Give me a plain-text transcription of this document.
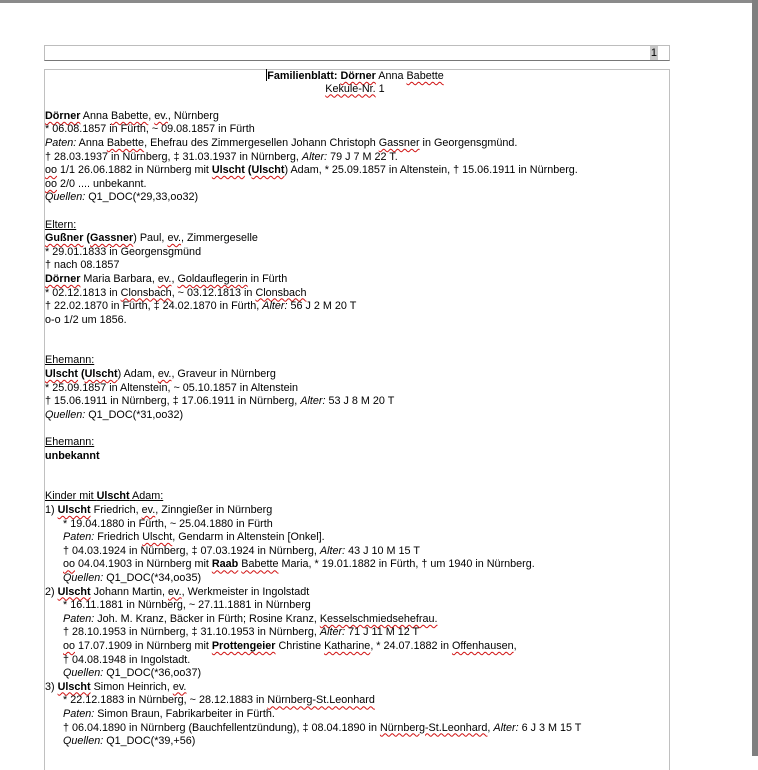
1
Familienblatt: Dörner Anna Babette
Kekule-Nr. 1
Dörner Anna Babette, ev., Nürnberg
* 06.08.1857 in Fürth, ~ 09.08.1857 in Fürth
Paten: Anna Babette, Ehefrau des Zimmergesellen Johann Christoph Gassner in Georgensgmünd.
† 28.03.1937 in Nürnberg, ‡ 31.03.1937 in Nürnberg, Alter: 79 J 7 M 22 T.
oo 1/1 26.06.1882 in Nürnberg mit Ulscht (Ulscht) Adam, * 25.09.1857 in Altenstein, † 15.06.1911 in Nürnberg.
oo 2/0 .... unbekannt.
Quellen: Q1_DOC(*29,33,oo32)
Eltern:
Gußner (Gassner) Paul, ev., Zimmergeselle
* 29.01.1833 in Georgensgmünd
† nach 08.1857
Dörner Maria Barbara, ev., Goldauflegerin in Fürth
* 02.12.1813 in Clonsbach, ~ 03.12.1813 in Clonsbach
† 22.02.1870 in Fürth, ‡ 24.02.1870 in Fürth, Alter: 56 J 2 M 20 T
o-o 1/2 um 1856.
Ehemann:
Ulscht (Ulscht) Adam, ev., Graveur in Nürnberg
* 25.09.1857 in Altenstein, ~ 05.10.1857 in Altenstein
† 15.06.1911 in Nürnberg, ‡ 17.06.1911 in Nürnberg, Alter: 53 J 8 M 20 T
Quellen: Q1_DOC(*31,oo32)
Ehemann:
unbekannt
Kinder mit Ulscht Adam:
1) Ulscht Friedrich, ev., Zinngießer in Nürnberg
* 19.04.1880 in Fürth, ~ 25.04.1880 in Fürth
Paten: Friedrich Ulscht, Gendarm in Altenstein [Onkel].
† 04.03.1924 in Nürnberg, ‡ 07.03.1924 in Nürnberg, Alter: 43 J 10 M 15 T
oo 04.04.1903 in Nürnberg mit Raab Babette Maria, * 19.01.1882 in Fürth, † um 1940 in Nürnberg.
Quellen: Q1_DOC(*34,oo35)
2) Ulscht Johann Martin, ev., Werkmeister in Ingolstadt
* 16.11.1881 in Nürnberg, ~ 27.11.1881 in Nürnberg
Paten: Joh. M. Kranz, Bäcker in Fürth; Rosine Kranz, Kesselschmiedsehefrau.
† 28.10.1953 in Nürnberg, ‡ 31.10.1953 in Nürnberg, Alter: 71 J 11 M 12 T
oo 17.07.1909 in Nürnberg mit Prottengeier Christine Katharine, * 24.07.1882 in Offenhausen,
† 04.08.1948 in Ingolstadt.
Quellen: Q1_DOC(*36,oo37)
3) Ulscht Simon Heinrich, ev.
* 22.12.1883 in Nürnberg, ~ 28.12.1883 in Nürnberg-St.Leonhard
Paten: Simon Braun, Fabrikarbeiter in Fürth.
† 06.04.1890 in Nürnberg (Bauchfellentzündung), ‡ 08.04.1890 in Nürnberg-St.Leonhard, Alter: 6 J 3 M 15 T
Quellen: Q1_DOC(*39,+56)
